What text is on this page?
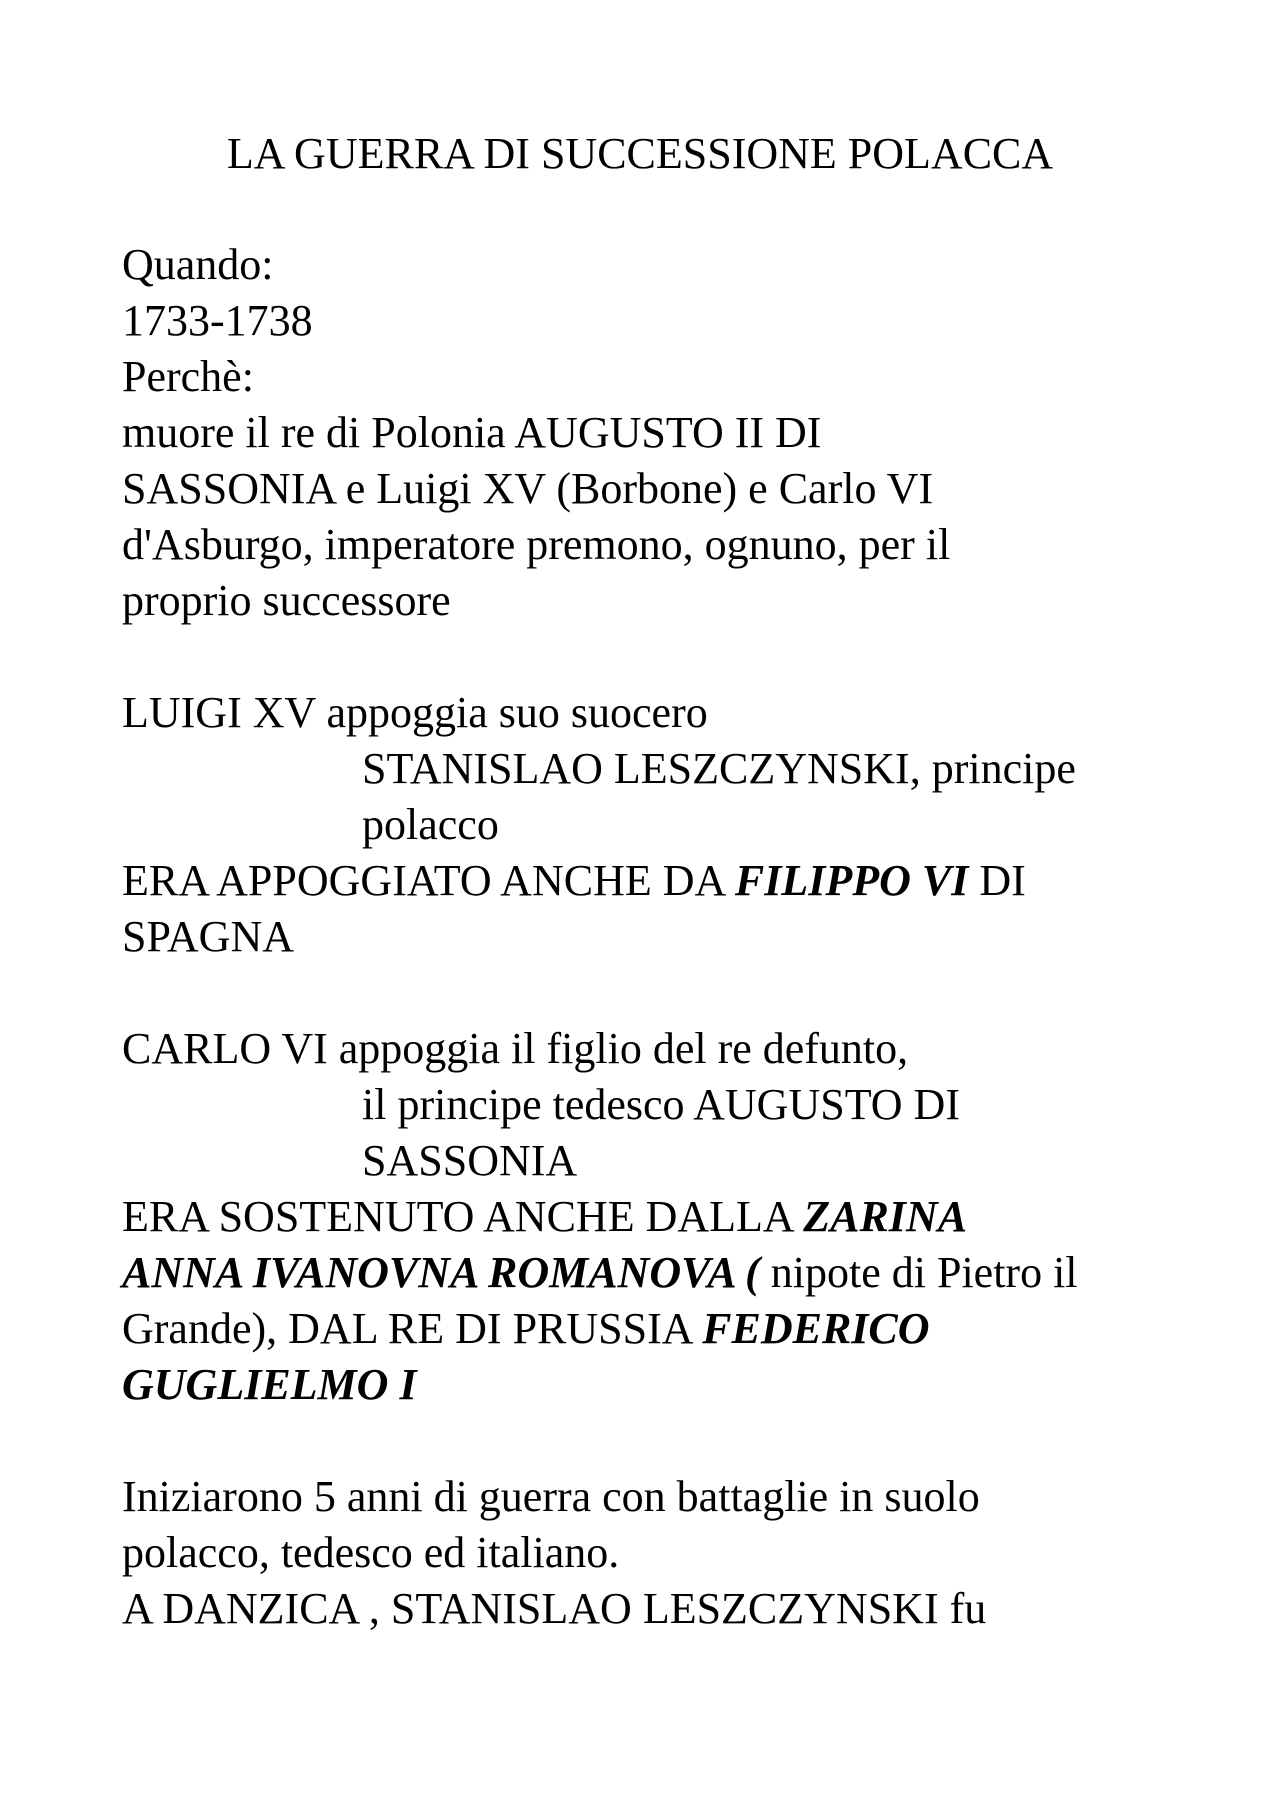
LA GUERRA DI SUCCESSIONE POLACCA
Quando:
1733-1738
Perchè:
muore il re di Polonia AUGUSTO II DI
SASSONIA e Luigi XV (Borbone) e Carlo VI
d'Asburgo, imperatore premono, ognuno, per il
proprio successore
LUIGI XV appoggia suo suocero
STANISLAO LESZCZYNSKI, principe
polacco
ERA APPOGGIATO ANCHE DA FILIPPO VI DI
SPAGNA
CARLO VI appoggia il figlio del re defunto,
il principe tedesco AUGUSTO DI
SASSONIA
ERA SOSTENUTO ANCHE DALLA ZARINA
ANNA IVANOVNA ROMANOVA ( nipote di Pietro il
Grande), DAL RE DI PRUSSIA FEDERICO
GUGLIELMO I
Iniziarono 5 anni di guerra con battaglie in suolo
polacco, tedesco ed italiano.
A DANZICA , STANISLAO LESZCZYNSKI fu
